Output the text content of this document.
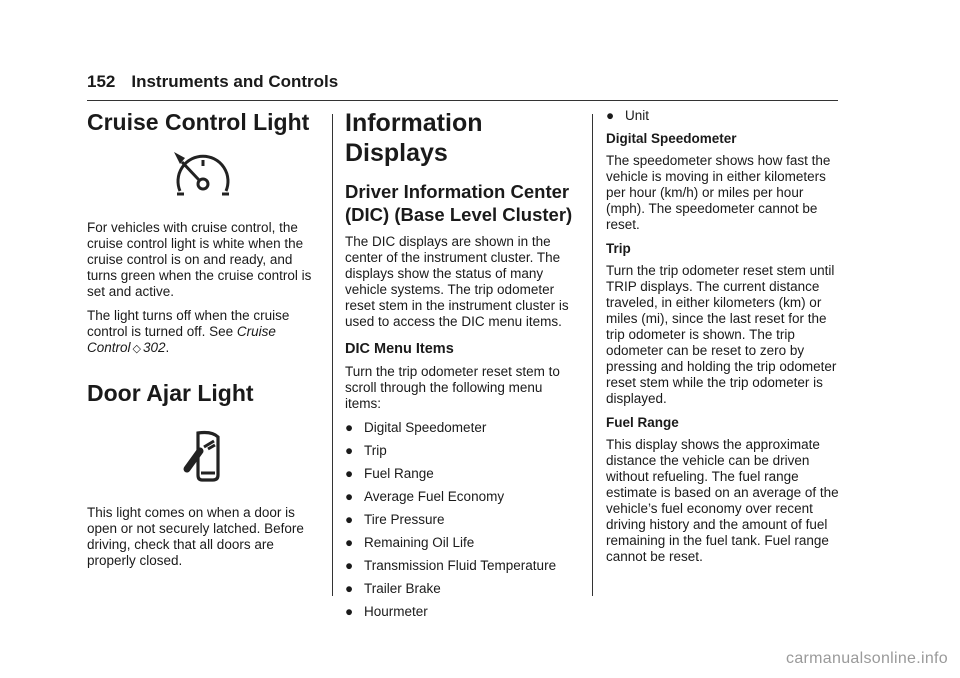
152 Instruments and Controls
Cruise Control Light

For vehicles with cruise control, the cruise control light is white when the cruise control is on and ready, and turns green when the cruise control is set and active.

The light turns off when the cruise control is turned off. See Cruise Control ◇ 302.

Door Ajar Light

This light comes on when a door is open or not securely latched. Before driving, check that all doors are properly closed.

Information Displays
Driver Information Center (DIC) (Base Level Cluster)

The DIC displays are shown in the center of the instrument cluster. The displays show the status of many vehicle systems. The trip odometer reset stem in the instrument cluster is used to access the DIC menu items.

DIC Menu Items

Turn the trip odometer reset stem to scroll through the following menu items:

● Digital Speedometer
● Trip
● Fuel Range
● Average Fuel Economy
● Tire Pressure
● Remaining Oil Life
● Transmission Fluid Temperature
● Trailer Brake
● Hourmeter
● Unit
Digital Speedometer

The speedometer shows how fast the vehicle is moving in either kilometers per hour (km/h) or miles per hour (mph). The speedometer cannot be reset.

Trip

Turn the trip odometer reset stem until TRIP displays. The current distance traveled, in either kilometers (km) or miles (mi), since the last reset for the trip odometer is shown. The trip odometer can be reset to zero by pressing and holding the trip odometer reset stem while the trip odometer is displayed.

Fuel Range

This display shows the approximate distance the vehicle can be driven without refueling. The fuel range estimate is based on an average of the vehicle’s fuel economy over recent driving history and the amount of fuel remaining in the fuel tank. Fuel range cannot be reset.

carmanualsonline.info
